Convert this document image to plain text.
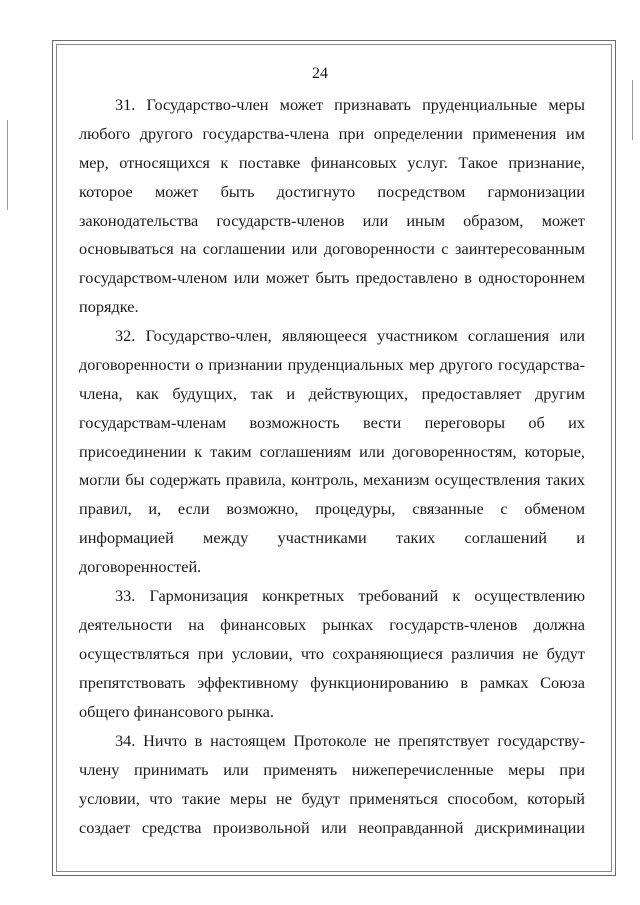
24
31. Государство-член может признавать пруденциальные меры
любого другого государства-члена при определении применения им
мер, относящихся к поставке финансовых услуг. Такое признание,
которое может быть достигнуто посредством гармонизации
законодательства государств-членов или иным образом, может
основываться на соглашении или договоренности с заинтересованным
государством-членом или может быть предоставлено в одностороннем
порядке.
32. Государство-член, являющееся участником соглашения или
договоренности о признании пруденциальных мер другого государства-
члена, как будущих, так и действующих, предоставляет другим
государствам-членам возможность вести переговоры об их
присоединении к таким соглашениям или договоренностям, которые,
могли бы содержать правила, контроль, механизм осуществления таких
правил, и, если возможно, процедуры, связанные с обменом
информацией между участниками таких соглашений и
договоренностей.
33. Гармонизация конкретных требований к осуществлению
деятельности на финансовых рынках государств-членов должна
осуществляться при условии, что сохраняющиеся различия не будут
препятствовать эффективному функционированию в рамках Союза
общего финансового рынка.
34. Ничто в настоящем Протоколе не препятствует государству-
члену принимать или применять нижеперечисленные меры при
условии, что такие меры не будут применяться способом, который
создает средства произвольной или неоправданной дискриминации
